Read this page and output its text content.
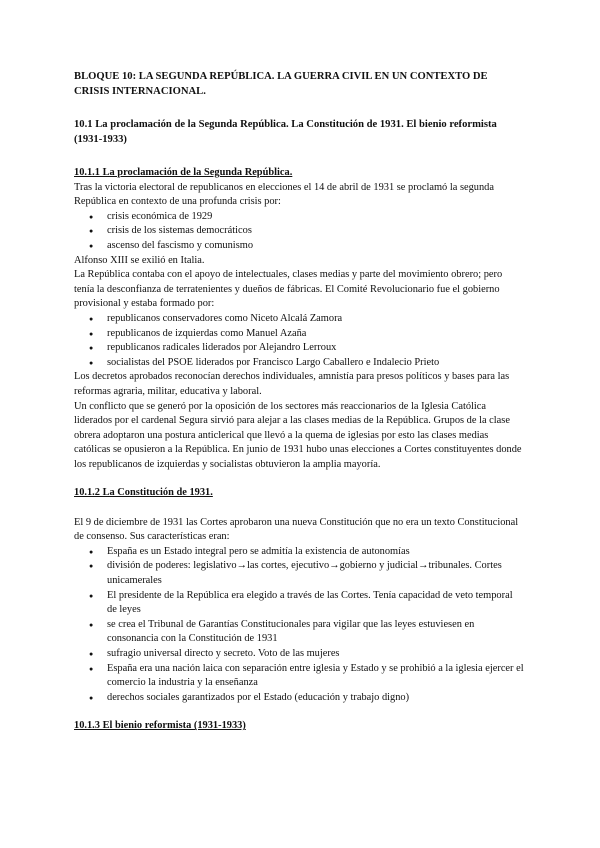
BLOQUE 10: LA SEGUNDA REPÚBLICA. LA GUERRA CIVIL EN UN CONTEXTO DE CRISIS INTERNACIONAL.

10.1 La proclamación de la Segunda República. La Constitución de 1931. El bienio reformista (1931-1933)

10.1.1 La proclamación de la Segunda República.

Tras la victoria electoral de republicanos en elecciones el 14 de abril de 1931 se proclamó la segunda República en contexto de una profunda crisis por:

● crisis económica de 1929
● crisis de los sistemas democráticos
● ascenso del fascismo y comunismo

Alfonso XIII se exilió en Italia.

La República contaba con el apoyo de intelectuales, clases medias y parte del movimiento obrero; pero tenía la desconfianza de terratenientes y dueños de fábricas. El Comité Revolucionario fue el gobierno provisional y estaba formado por:

● republicanos conservadores como Niceto Alcalá Zamora
● republicanos de izquierdas como Manuel Azaña
● republicanos radicales liderados por Alejandro Lerroux
● socialistas del PSOE liderados por Francisco Largo Caballero e Indalecio Prieto

Los decretos aprobados reconocían derechos individuales, amnistía para presos políticos y bases para las reformas agraria, militar, educativa y laboral.

Un conflicto que se generó por la oposición de los sectores más reaccionarios de la Iglesia Católica liderados por el cardenal Segura sirvió para alejar a las clases medias de la República. Grupos de la clase obrera adoptaron una postura anticlerical que llevó a la quema de iglesias por esto las clases medias católicas se opusieron a la República. En junio de 1931 hubo unas elecciones a Cortes constituyentes donde los republicanos de izquierdas y socialistas obtuvieron la amplia mayoría.

10.1.2 La Constitución de 1931.

El 9 de diciembre de 1931 las Cortes aprobaron una nueva Constitución que no era un texto Constitucional de consenso. Sus características eran:

● España es un Estado integral pero se admitía la existencia de autonomías
● división de poderes: legislativo→las cortes, ejecutivo→gobierno y judicial→tribunales. Cortes unicamerales
● El presidente de la República era elegido a través de las Cortes. Tenía capacidad de veto temporal de leyes
● se crea el Tribunal de Garantías Constitucionales para vigilar que las leyes estuviesen en consonancia con la Constitución de 1931
● sufragio universal directo y secreto. Voto de las mujeres
● España era una nación laica con separación entre iglesia y Estado y se prohibió a la iglesia ejercer el comercio la industria y la enseñanza
● derechos sociales garantizados por el Estado (educación y trabajo digno)

10.1.3 El bienio reformista (1931-1933)
